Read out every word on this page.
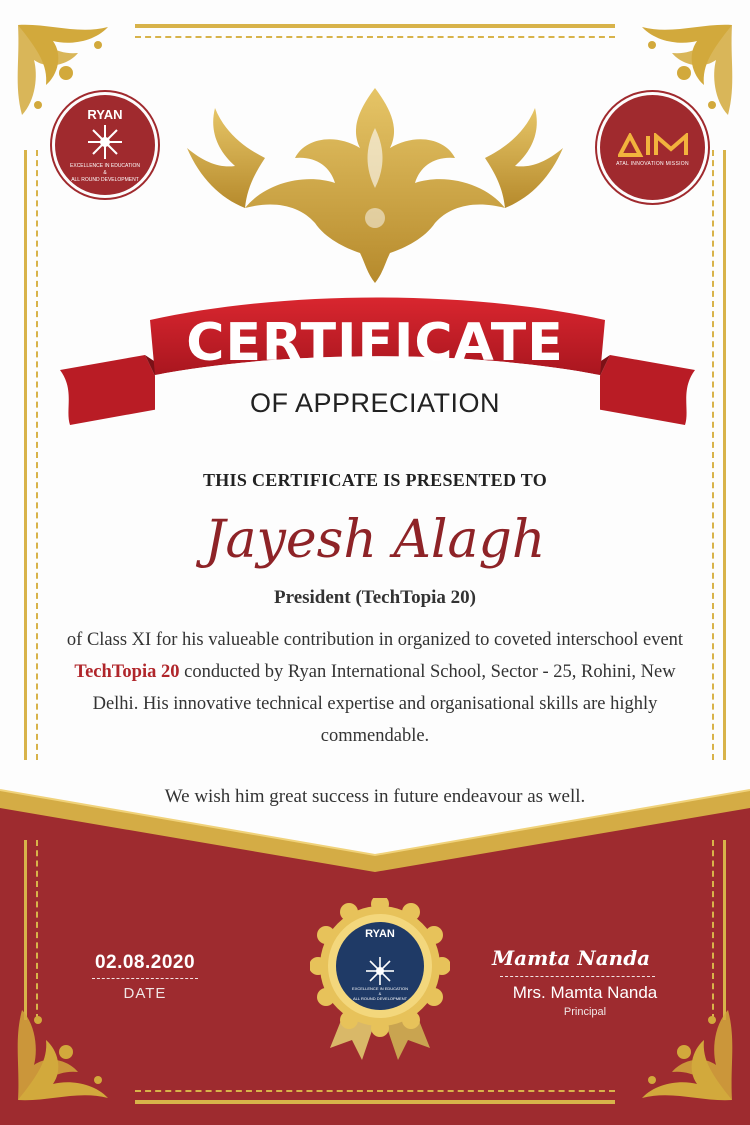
RYAN
EXCELLENCE IN EDUCATION
&
ALL ROUND DEVELOPMENT
ATAL INNOVATION MISSION
CERTIFICATE
OF APPRECIATION
THIS CERTIFICATE IS PRESENTED TO
Jayesh Alagh
President (TechTopia 20)
of Class XI for his valueable contribution in organized to coveted interschool event TechTopia 20 conducted by Ryan International School, Sector - 25, Rohini, New Delhi. His innovative technical expertise and organisational skills are highly commendable.
We wish him great success in future endeavour as well.
02.08.2020
DATE
RYAN
EXCELLENCE IN EDUCATION
&
ALL ROUND DEVELOPMENT
Mamta Nanda
Mrs. Mamta Nanda
Principal
